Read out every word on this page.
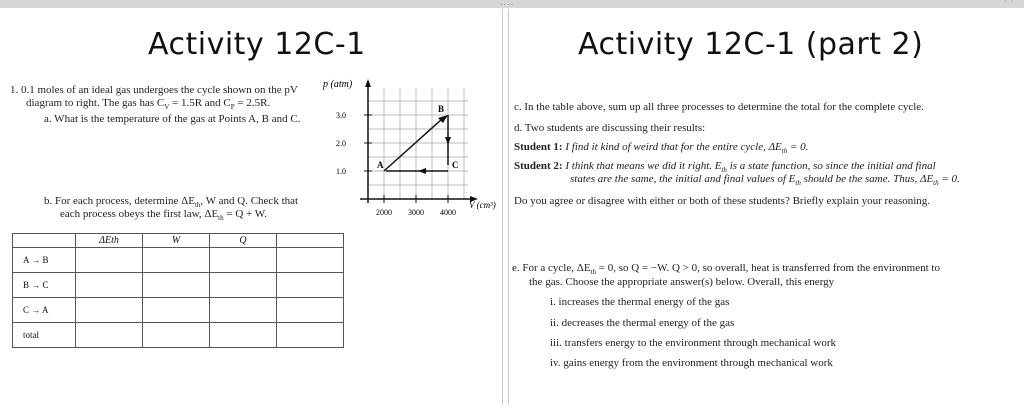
....	◦ ◦
Activity 12C-1
1. 0.1 moles of an ideal gas undergoes the cycle shown on the pV
diagram to right. The gas has $C_V = 1.5R$ and $C_P = 2.5R$.
a. What is the temperature of the gas at Points A, B and C.
b. For each process, determine $\Delta E_{th}$, W and Q. Check that
each process obeys the first law, $\Delta E_{th} = Q + W$.
	ΔEth	W	Q	
A → B				
B → C				
C → A				
total				
p (atm)
3.0
2.0
1.0
2000 3000 4000
V (cm³)
A
B
C
Activity 12C-1 (part 2)
c. In the table above, sum up all three processes to determine the total for the complete cycle.
d. Two students are discussing their results:
Student 1: I find it kind of weird that for the entire cycle, $\Delta E_{th} = 0$.
Student 2: I think that means we did it right. $E_{th}$ is a state function, so since the initial and final
states are the same, the initial and final values of $E_{th}$ should be the same. Thus, $\Delta E_{th} = 0$.
Do you agree or disagree with either or both of these students? Briefly explain your reasoning.
e. For a cycle, $\Delta E_{th} = 0$, so Q = −W. Q > 0, so overall, heat is transferred from the environment to
the gas. Choose the appropriate answer(s) below. Overall, this energy
i. increases the thermal energy of the gas
ii. decreases the thermal energy of the gas
iii. transfers energy to the environment through mechanical work
iv. gains energy from the environment through mechanical work
